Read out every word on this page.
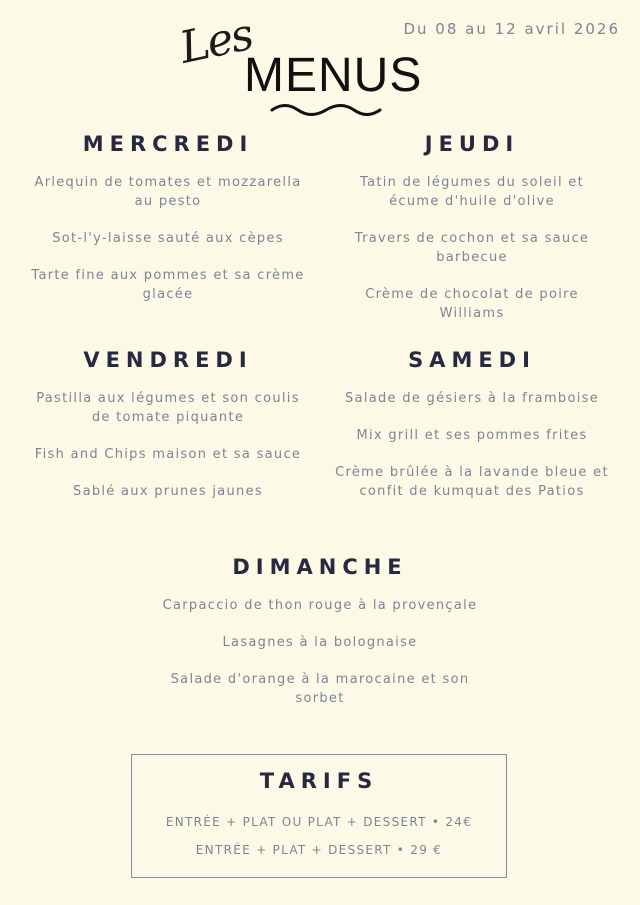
Du 08 au 12 avril 2026
Les
MENUS
MERCREDI
Arlequin de tomates et mozzarella au pesto
Sot-l'y-laisse sauté aux cèpes
Tarte fine aux pommes et sa crème glacée
JEUDI
Tatin de légumes du soleil et écume d'huile d'olive
Travers de cochon et sa sauce barbecue
Crème de chocolat de poire Williams
VENDREDI
Pastilla aux légumes et son coulis de tomate piquante
Fish and Chips maison et sa sauce
Sablé aux prunes jaunes
SAMEDI
Salade de gésiers à la framboise
Mix grill et ses pommes frites
Crème brûlée à la lavande bleue et confit de kumquat des Patios
DIMANCHE
Carpaccio de thon rouge à la provençale
Lasagnes à la bolognaise
Salade d'orange à la marocaine et son sorbet
TARIFS
ENTRÉE + PLAT OU PLAT + DESSERT • 24€
ENTRÉE + PLAT + DESSERT • 29 €
